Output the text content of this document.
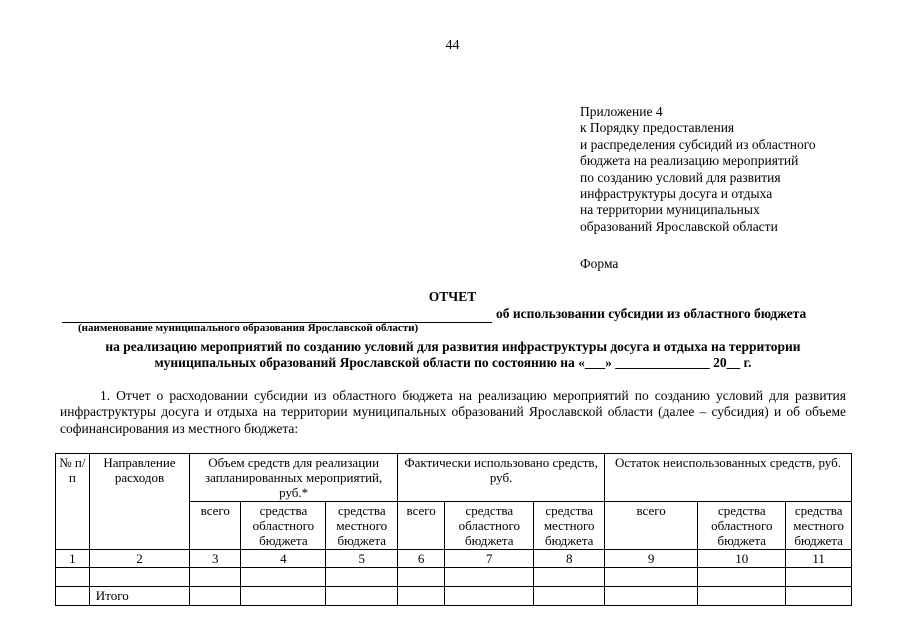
44
Приложение 4
к Порядку предоставления
и распределения субсидий из областного
бюджета на реализацию мероприятий
по созданию условий для развития
инфраструктуры досуга и отдыха
на территории муниципальных
образований Ярославской области
Форма
ОТЧЕТ
об использовании субсидии из областного бюджета
(наименование муниципального образования Ярославской области)
на реализацию мероприятий по созданию условий для развития инфраструктуры досуга и отдыха на территории
муниципальных образований Ярославской области по состоянию на «___» ______________ 20__ г.
1. Отчет о расходовании субсидии из областного бюджета на реализацию мероприятий по созданию условий для развития инфраструктуры досуга и отдыха на территории муниципальных образований Ярославской области (далее – субсидия) и об объеме софинансирования из местного бюджета:
№ п/п	Направление расходов	Объем средств для реализации запланированных мероприятий, руб.*			Фактически использовано средств, руб.			Остаток неиспользованных средств, руб.		
		всего	средства областного бюджета	средства местного бюджета	всего	средства областного бюджета	средства местного бюджета	всего	средства областного бюджета	средства местного бюджета
1	2	3	4	5	6	7	8	9	10	11

	Итого									
